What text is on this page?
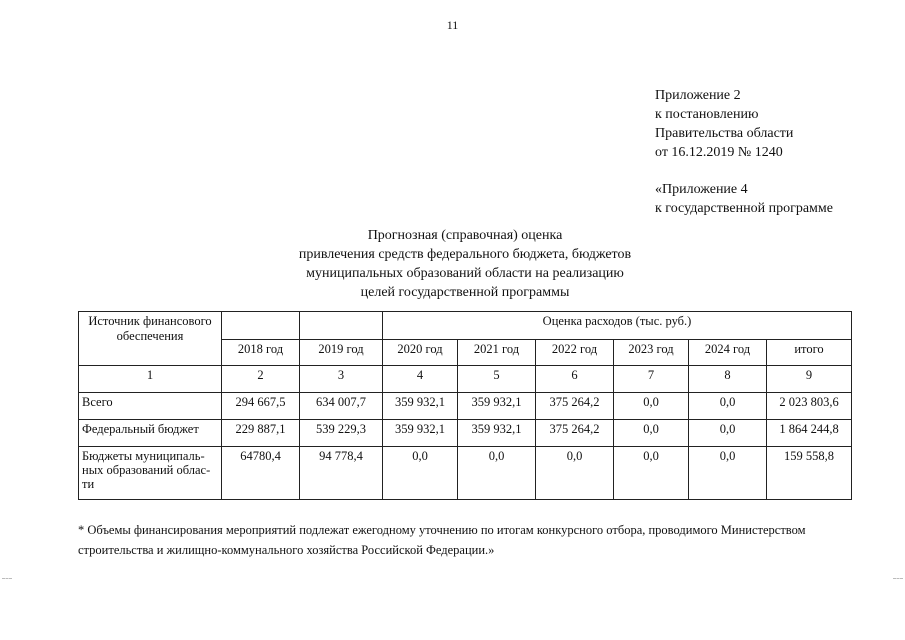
11
Приложение 2
к постановлению
Правительства области
от 16.12.2019 № 1240
«Приложение 4
к государственной программе
Прогнозная (справочная) оценка
привлечения средств федерального бюджета, бюджетов
муниципальных образований области на реализацию
целей государственной программы
Источник финансового обеспечения			Оценка расходов (тыс. руб.)					
	2018 год	2019 год	2020 год	2021 год	2022 год	2023 год	2024 год	итого
1	2	3	4	5	6	7	8	9
Всего	294 667,5	634 007,7	359 932,1	359 932,1	375 264,2	0,0	0,0	2 023 803,6
Федеральный бюджет	229 887,1	539 229,3	359 932,1	359 932,1	375 264,2	0,0	0,0	1 864 244,8
Бюджеты муниципаль-ных образований облас-ти	64780,4	94 778,4	0,0	0,0	0,0	0,0	0,0	159 558,8
* Объемы финансирования мероприятий подлежат ежегодному уточнению по итогам конкурсного отбора, проводимого Министерством строительства и жилищно-коммунального хозяйства Российской Федерации.»
